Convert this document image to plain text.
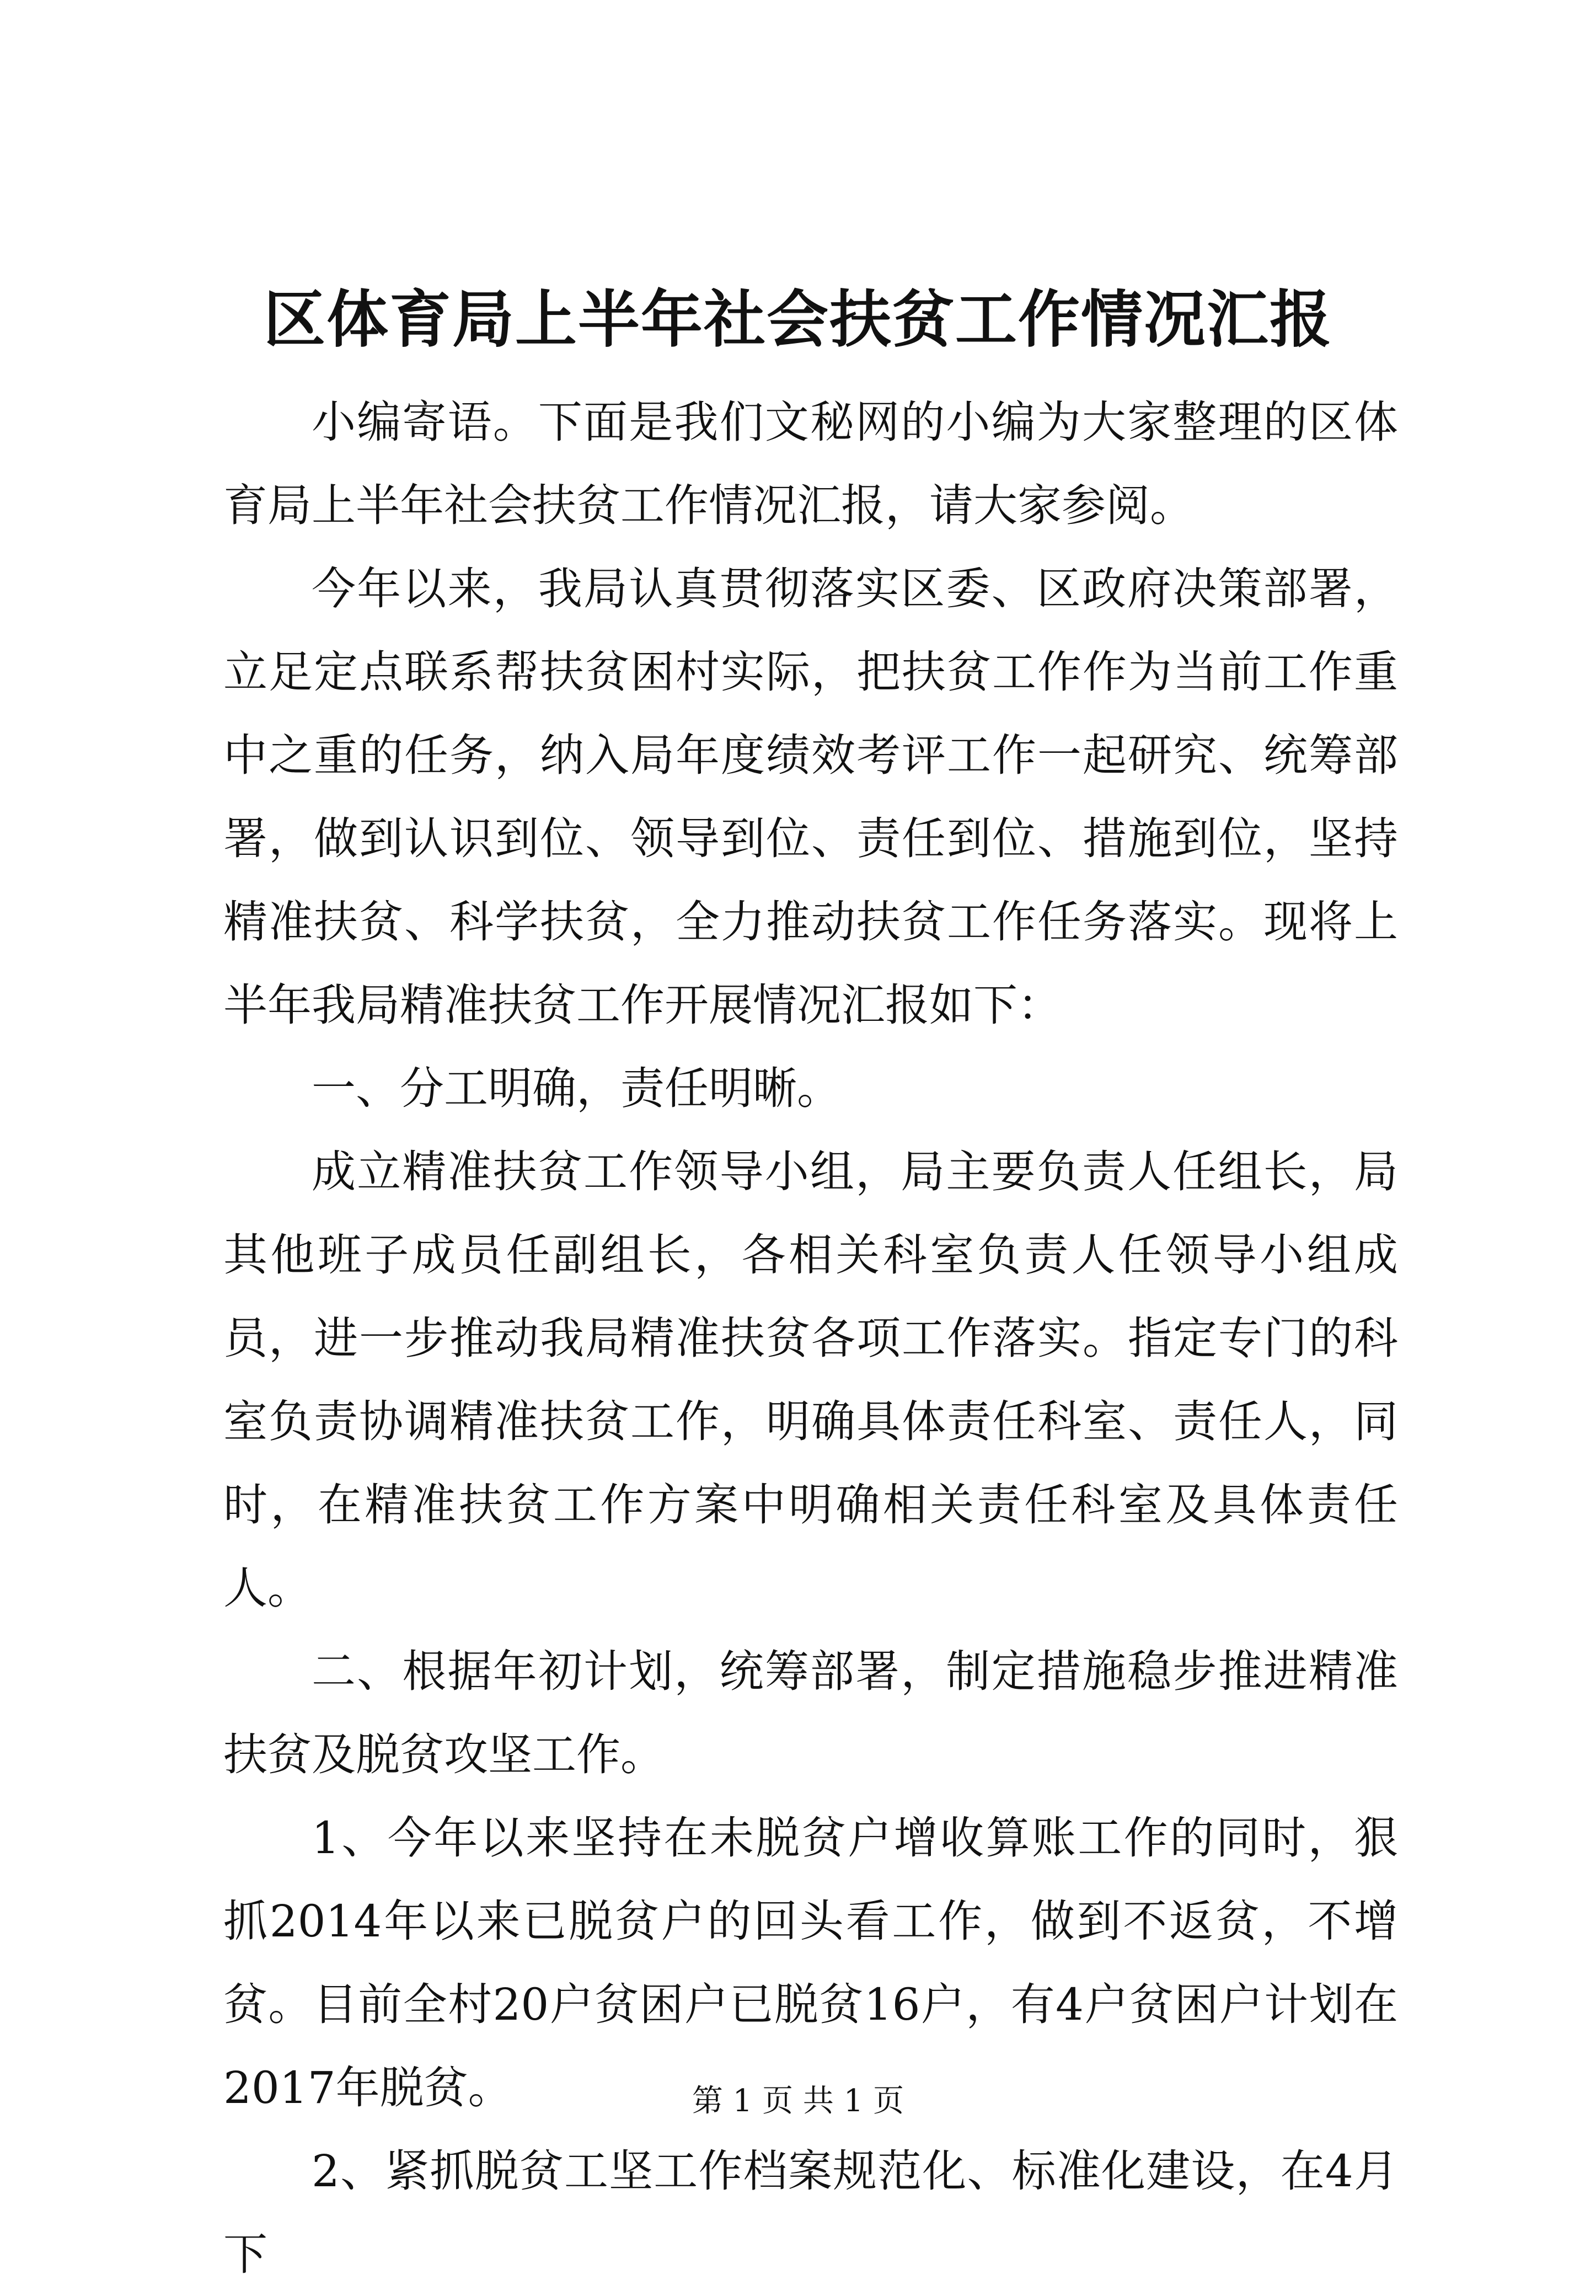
区体育局上半年社会扶贫工作情况汇报

小编寄语。下面是我们文秘网的小编为大家整理的区体育局上半年社会扶贫工作情况汇报，请大家参阅。

今年以来，我局认真贯彻落实区委、区政府决策部署，立足定点联系帮扶贫困村实际，把扶贫工作作为当前工作重中之重的任务，纳入局年度绩效考评工作一起研究、统筹部署，做到认识到位、领导到位、责任到位、措施到位，坚持精准扶贫、科学扶贫，全力推动扶贫工作任务落实。现将上半年我局精准扶贫工作开展情况汇报如下：

一、分工明确，责任明晰。

成立精准扶贫工作领导小组，局主要负责人任组长，局其他班子成员任副组长，各相关科室负责人任领导小组成员，进一步推动我局精准扶贫各项工作落实。指定专门的科室负责协调精准扶贫工作，明确具体责任科室、责任人，同时，在精准扶贫工作方案中明确相关责任科室及具体责任人。

二、根据年初计划，统筹部署，制定措施稳步推进精准扶贫及脱贫攻坚工作。

1、今年以来坚持在未脱贫户增收算账工作的同时，狠抓2014年以来已脱贫户的回头看工作，做到不返贫，不增贫。目前全村20户贫困户已脱贫16户，有4户贫困户计划在2017年脱贫。

2、紧抓脱贫工坚工作档案规范化、标准化建设，在4月下

第 1 页 共 1 页
